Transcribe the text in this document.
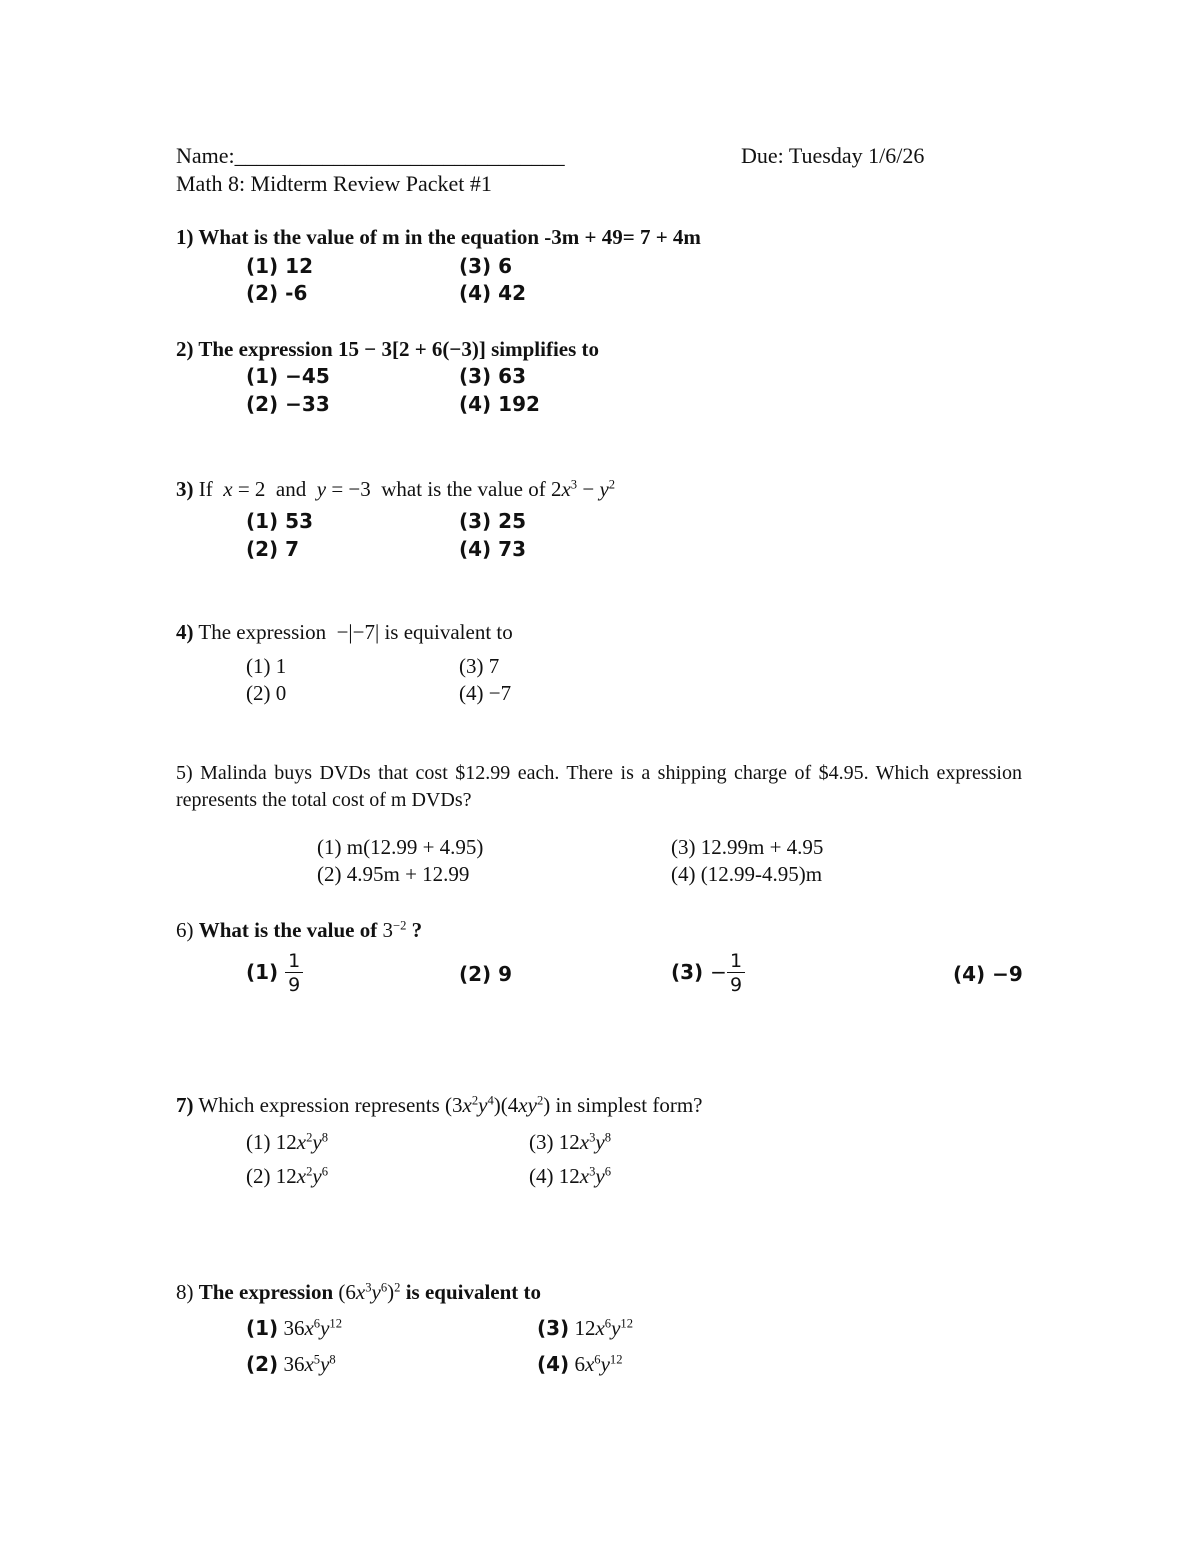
Name:______________________________	Due: Tuesday 1/6/26
Math 8: Midterm Review Packet #1
1) What is the value of m in the equation -3m + 49= 7 + 4m
(1) 12
(2) -6
(3) 6
(4) 42
2) The expression 15 − 3[2 + 6(−3)] simplifies to
(1) −45
(2) −33
(3) 63
(4) 192
3) If x = 2 and y = −3 what is the value of $2x^3 - y^2$
(1) 53
(2) 7
(3) 25
(4) 73
4) The expression −|−7| is equivalent to
(1) 1
(2) 0
(3) 7
(4) −7
5) Malinda buys DVDs that cost $12.99 each. There is a shipping charge of $4.95. Which expression represents the total cost of m DVDs?
(1) m(12.99 + 4.95)
(2) 4.95m + 12.99
(3) 12.99m + 4.95
(4) (12.99-4.95)m
6) What is the value of $3^{-2}$ ?
$(1) \frac{1}{9}$	(2) 9	$(3) - \frac{1}{9}$	(4) −9
7) Which expression represents $(3x^2y^4)(4xy^2)$ in simplest form?
(1) $12x^2y^8$
(2) $12x^2y^6$
(3) $12x^3y^8$
(4) $12x^3y^6$
8) The expression $(6x^3y^6)^2$ is equivalent to
(1) $36x^6y^{12}$
(2) $36x^5y^8$
(3) $12x^6y^{12}$
(4) $6x^6y^{12}$
